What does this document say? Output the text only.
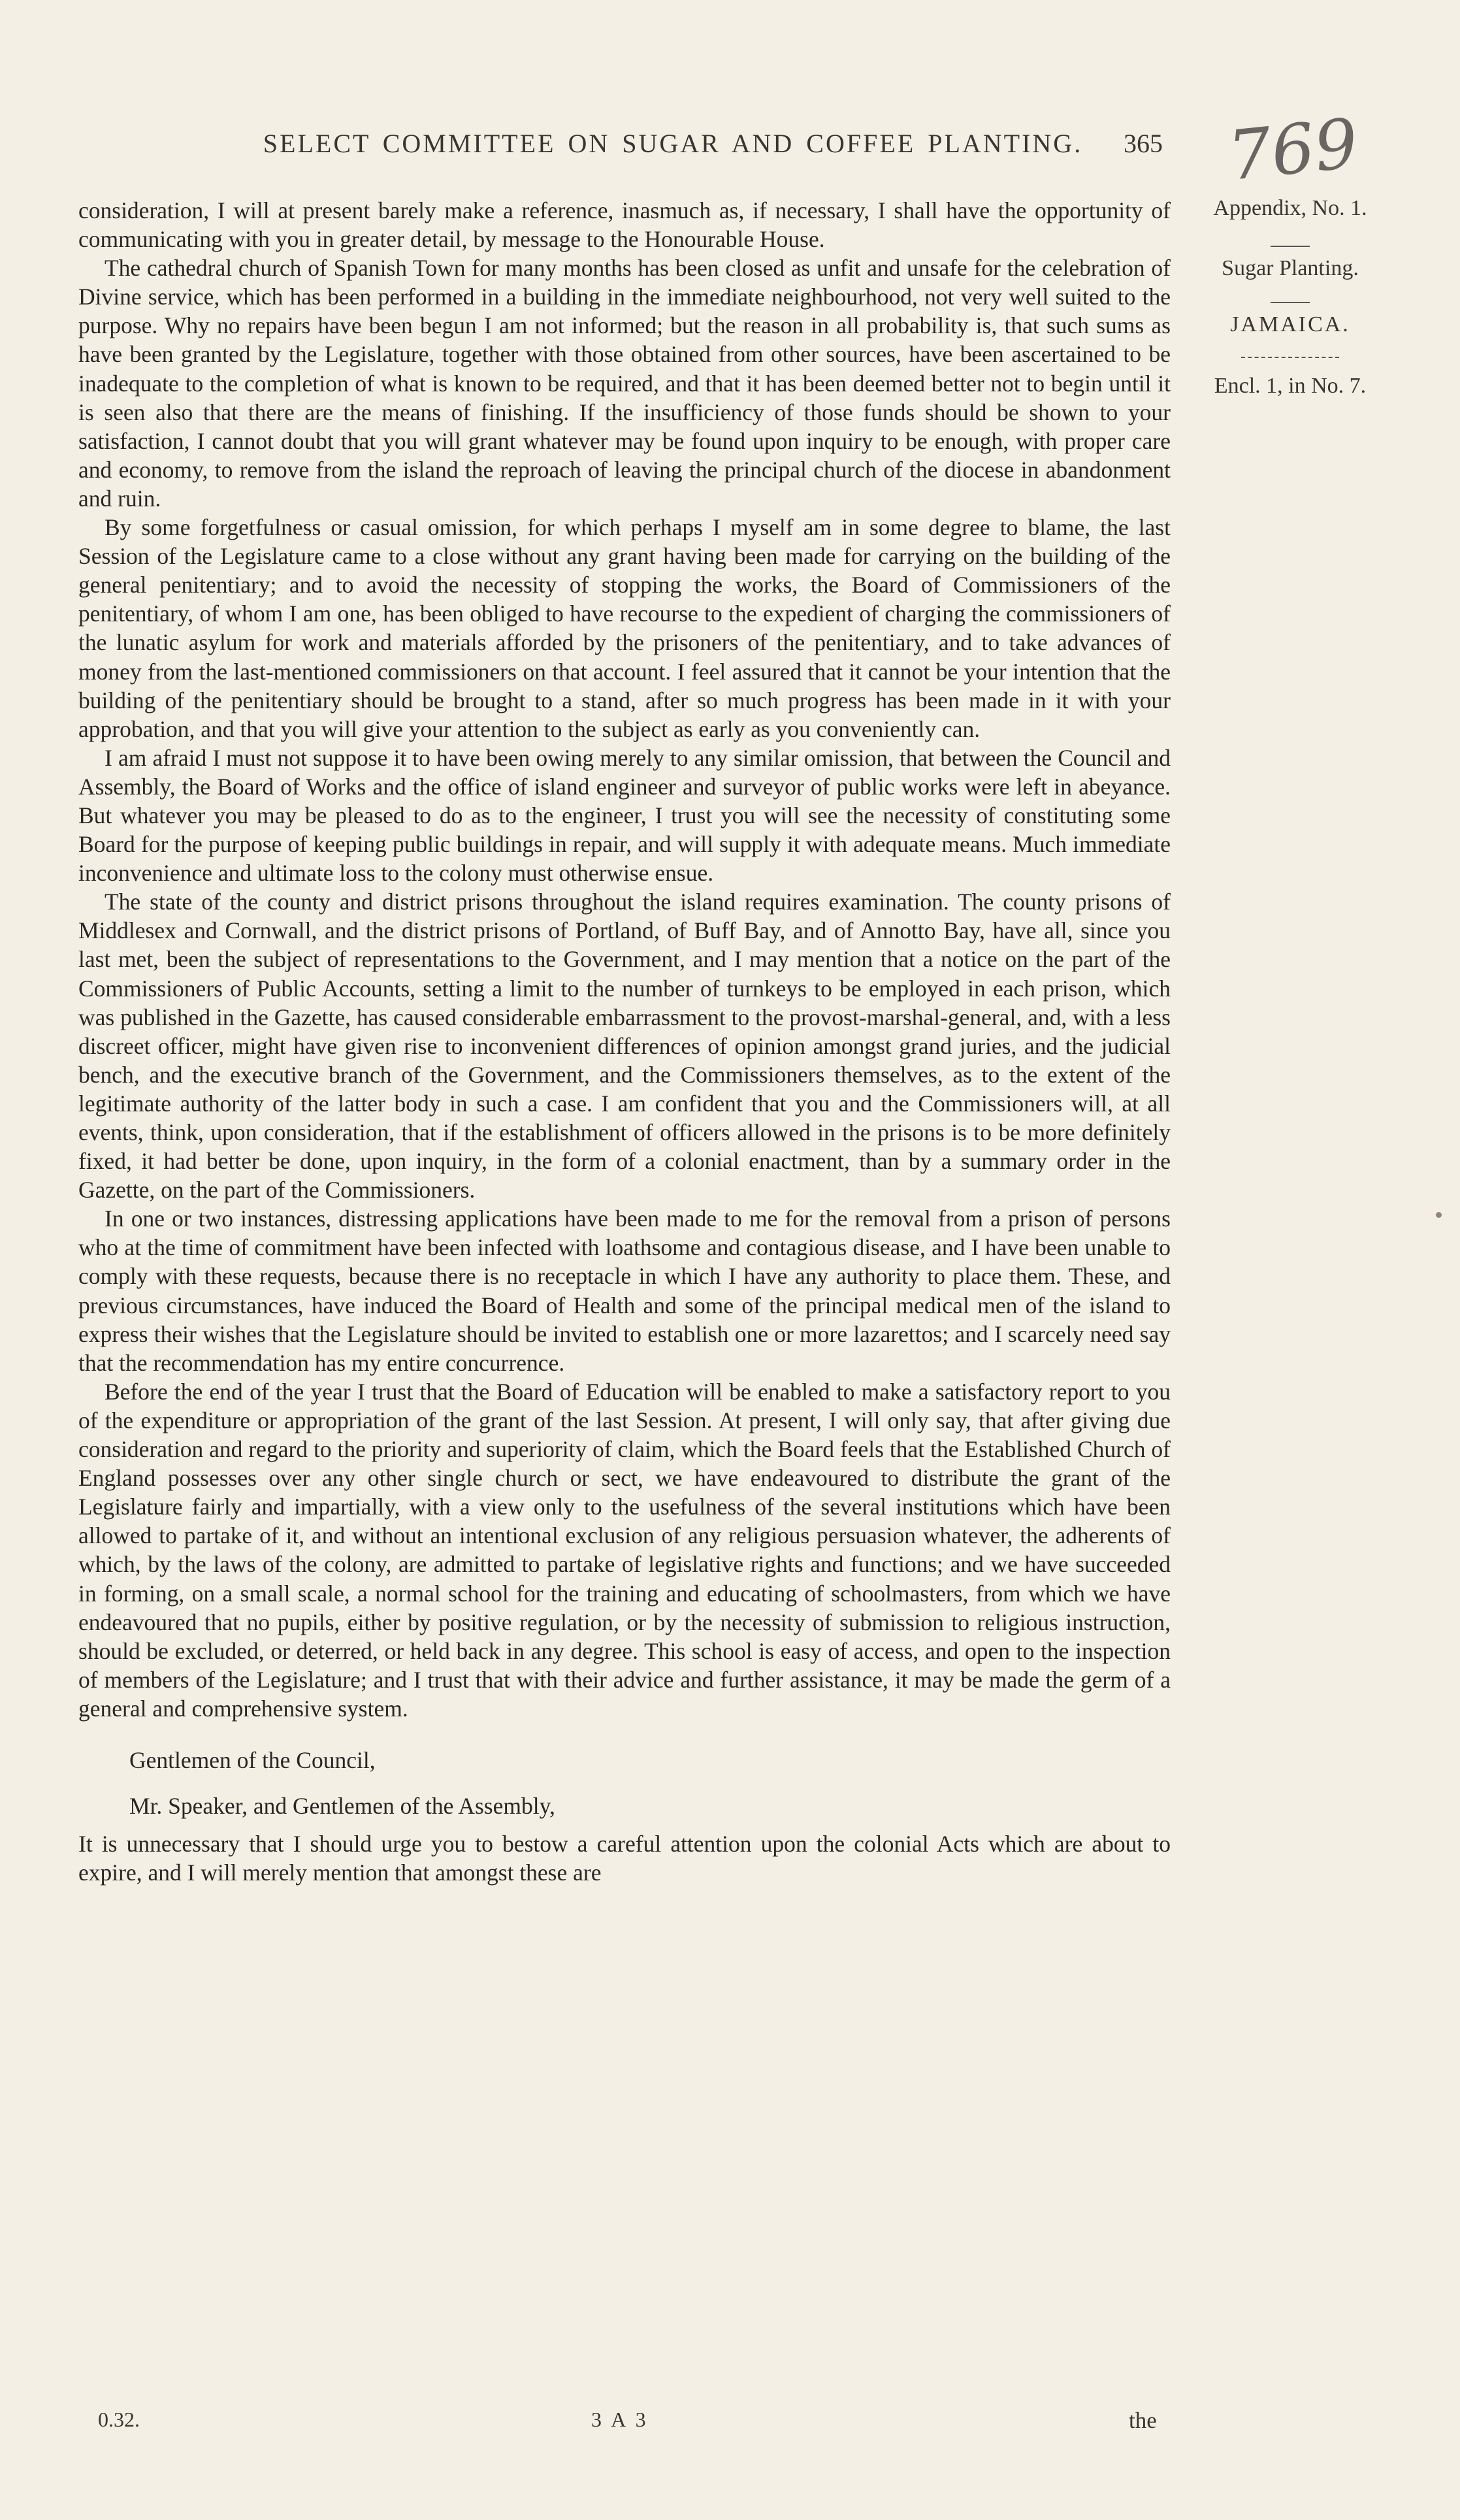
SELECT COMMITTEE ON SUGAR AND COFFEE PLANTING.	365 769
Appendix, No. 1.
Sugar Planting.
JAMAICA.
Encl. 1, in No. 7.

consideration, I will at present barely make a reference, inasmuch as, if necessary, I shall have the opportunity of communicating with you in greater detail, by message to the Honourable House.

The cathedral church of Spanish Town for many months has been closed as unfit and unsafe for the celebration of Divine service, which has been performed in a building in the immediate neighbourhood, not very well suited to the purpose. Why no repairs have been begun I am not informed; but the reason in all probability is, that such sums as have been granted by the Legislature, together with those obtained from other sources, have been ascertained to be inadequate to the completion of what is known to be required, and that it has been deemed better not to begin until it is seen also that there are the means of finishing. If the insufficiency of those funds should be shown to your satisfaction, I cannot doubt that you will grant whatever may be found upon inquiry to be enough, with proper care and economy, to remove from the island the reproach of leaving the principal church of the diocese in abandonment and ruin.

By some forgetfulness or casual omission, for which perhaps I myself am in some degree to blame, the last Session of the Legislature came to a close without any grant having been made for carrying on the building of the general penitentiary; and to avoid the necessity of stopping the works, the Board of Commissioners of the penitentiary, of whom I am one, has been obliged to have recourse to the expedient of charging the commissioners of the lunatic asylum for work and materials afforded by the prisoners of the penitentiary, and to take advances of money from the last-mentioned commissioners on that account. I feel assured that it cannot be your intention that the building of the penitentiary should be brought to a stand, after so much progress has been made in it with your approbation, and that you will give your attention to the subject as early as you conveniently can.

I am afraid I must not suppose it to have been owing merely to any similar omission, that between the Council and Assembly, the Board of Works and the office of island engineer and surveyor of public works were left in abeyance. But whatever you may be pleased to do as to the engineer, I trust you will see the necessity of constituting some Board for the purpose of keeping public buildings in repair, and will supply it with adequate means. Much immediate inconvenience and ultimate loss to the colony must otherwise ensue.

The state of the county and district prisons throughout the island requires examination. The county prisons of Middlesex and Cornwall, and the district prisons of Portland, of Buff Bay, and of Annotto Bay, have all, since you last met, been the subject of representations to the Government, and I may mention that a notice on the part of the Commissioners of Public Accounts, setting a limit to the number of turnkeys to be employed in each prison, which was published in the Gazette, has caused considerable embarrassment to the provost-marshal-general, and, with a less discreet officer, might have given rise to inconvenient differences of opinion amongst grand juries, and the judicial bench, and the executive branch of the Government, and the Commissioners themselves, as to the extent of the legitimate authority of the latter body in such a case. I am confident that you and the Commissioners will, at all events, think, upon consideration, that if the establishment of officers allowed in the prisons is to be more definitely fixed, it had better be done, upon inquiry, in the form of a colonial enactment, than by a summary order in the Gazette, on the part of the Commissioners.

In one or two instances, distressing applications have been made to me for the removal from a prison of persons who at the time of commitment have been infected with loathsome and contagious disease, and I have been unable to comply with these requests, because there is no receptacle in which I have any authority to place them. These, and previous circumstances, have induced the Board of Health and some of the principal medical men of the island to express their wishes that the Legislature should be invited to establish one or more lazarettos; and I scarcely need say that the recommendation has my entire concurrence.

Before the end of the year I trust that the Board of Education will be enabled to make a satisfactory report to you of the expenditure or appropriation of the grant of the last Session. At present, I will only say, that after giving due consideration and regard to the priority and superiority of claim, which the Board feels that the Established Church of England possesses over any other single church or sect, we have endeavoured to distribute the grant of the Legislature fairly and impartially, with a view only to the usefulness of the several institutions which have been allowed to partake of it, and without an intentional exclusion of any religious persuasion whatever, the adherents of which, by the laws of the colony, are admitted to partake of legislative rights and functions; and we have succeeded in forming, on a small scale, a normal school for the training and educating of schoolmasters, from which we have endeavoured that no pupils, either by positive regulation, or by the necessity of submission to religious instruction, should be excluded, or deterred, or held back in any degree. This school is easy of access, and open to the inspection of members of the Legislature; and I trust that with their advice and further assistance, it may be made the germ of a general and comprehensive system.

Gentlemen of the Council,

Mr. Speaker, and Gentlemen of the Assembly,

It is unnecessary that I should urge you to bestow a careful attention upon the colonial Acts which are about to expire, and I will merely mention that amongst these are

0.32.	3 A 3	the
